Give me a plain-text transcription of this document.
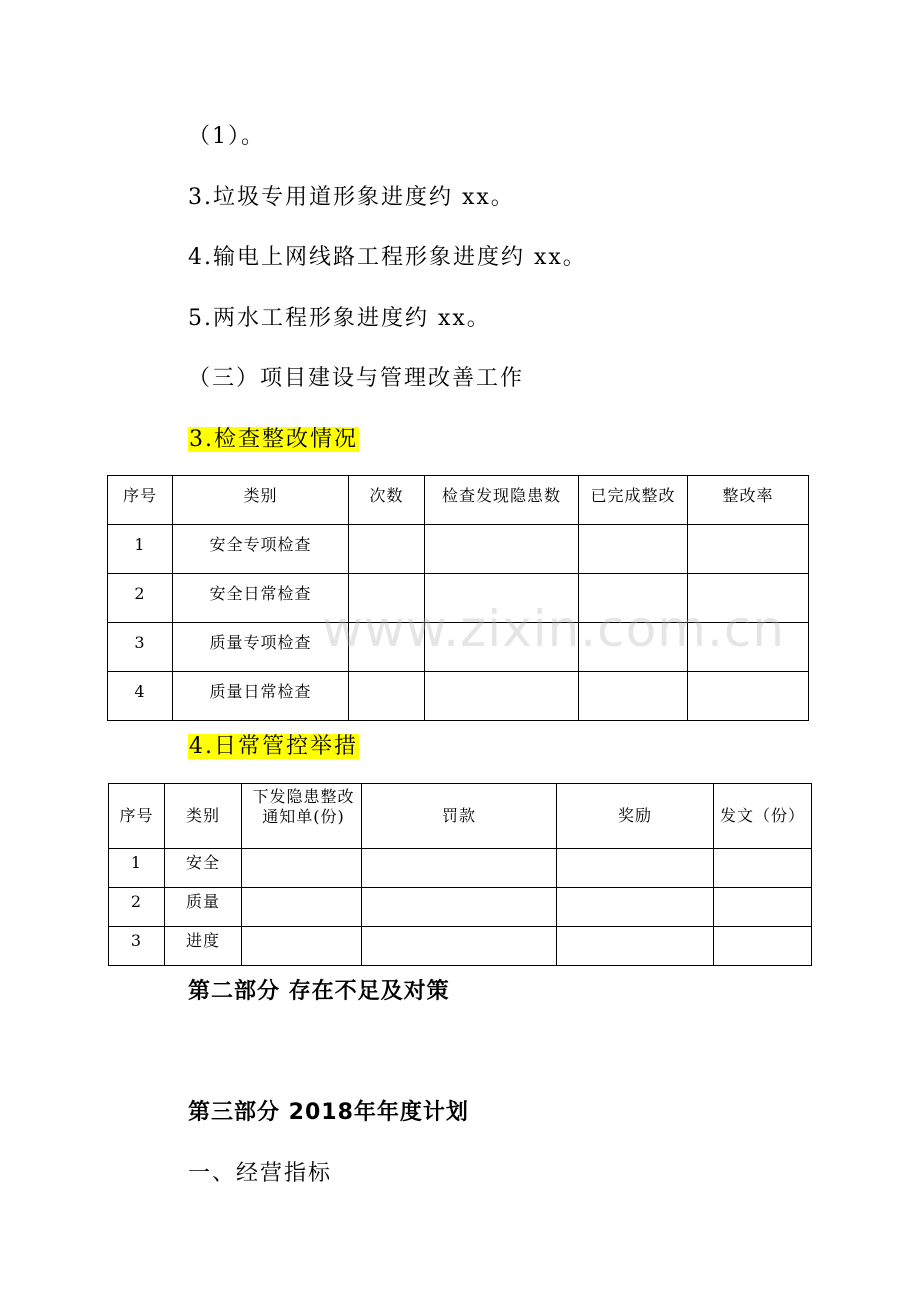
（1）。
3.垃圾专用道形象进度约 xx。
4.输电上网线路工程形象进度约 xx。
5.两水工程形象进度约 xx。
（三）项目建设与管理改善工作
3.检查整改情况
序号	类别	次数	检查发现隐患数	已完成整改	整改率
1	安全专项检查				
2	安全日常检查				
3	质量专项检查				
4	质量日常检查				
4.日常管控举措
序号	类别	下发隐患整改通知单(份)	罚款	奖励	发文（份）
1	安全				
2	质量				
3	进度				
第二部分 存在不足及对策
第三部分 2018年年度计划
一、经营指标
www.zixin.com.cn
